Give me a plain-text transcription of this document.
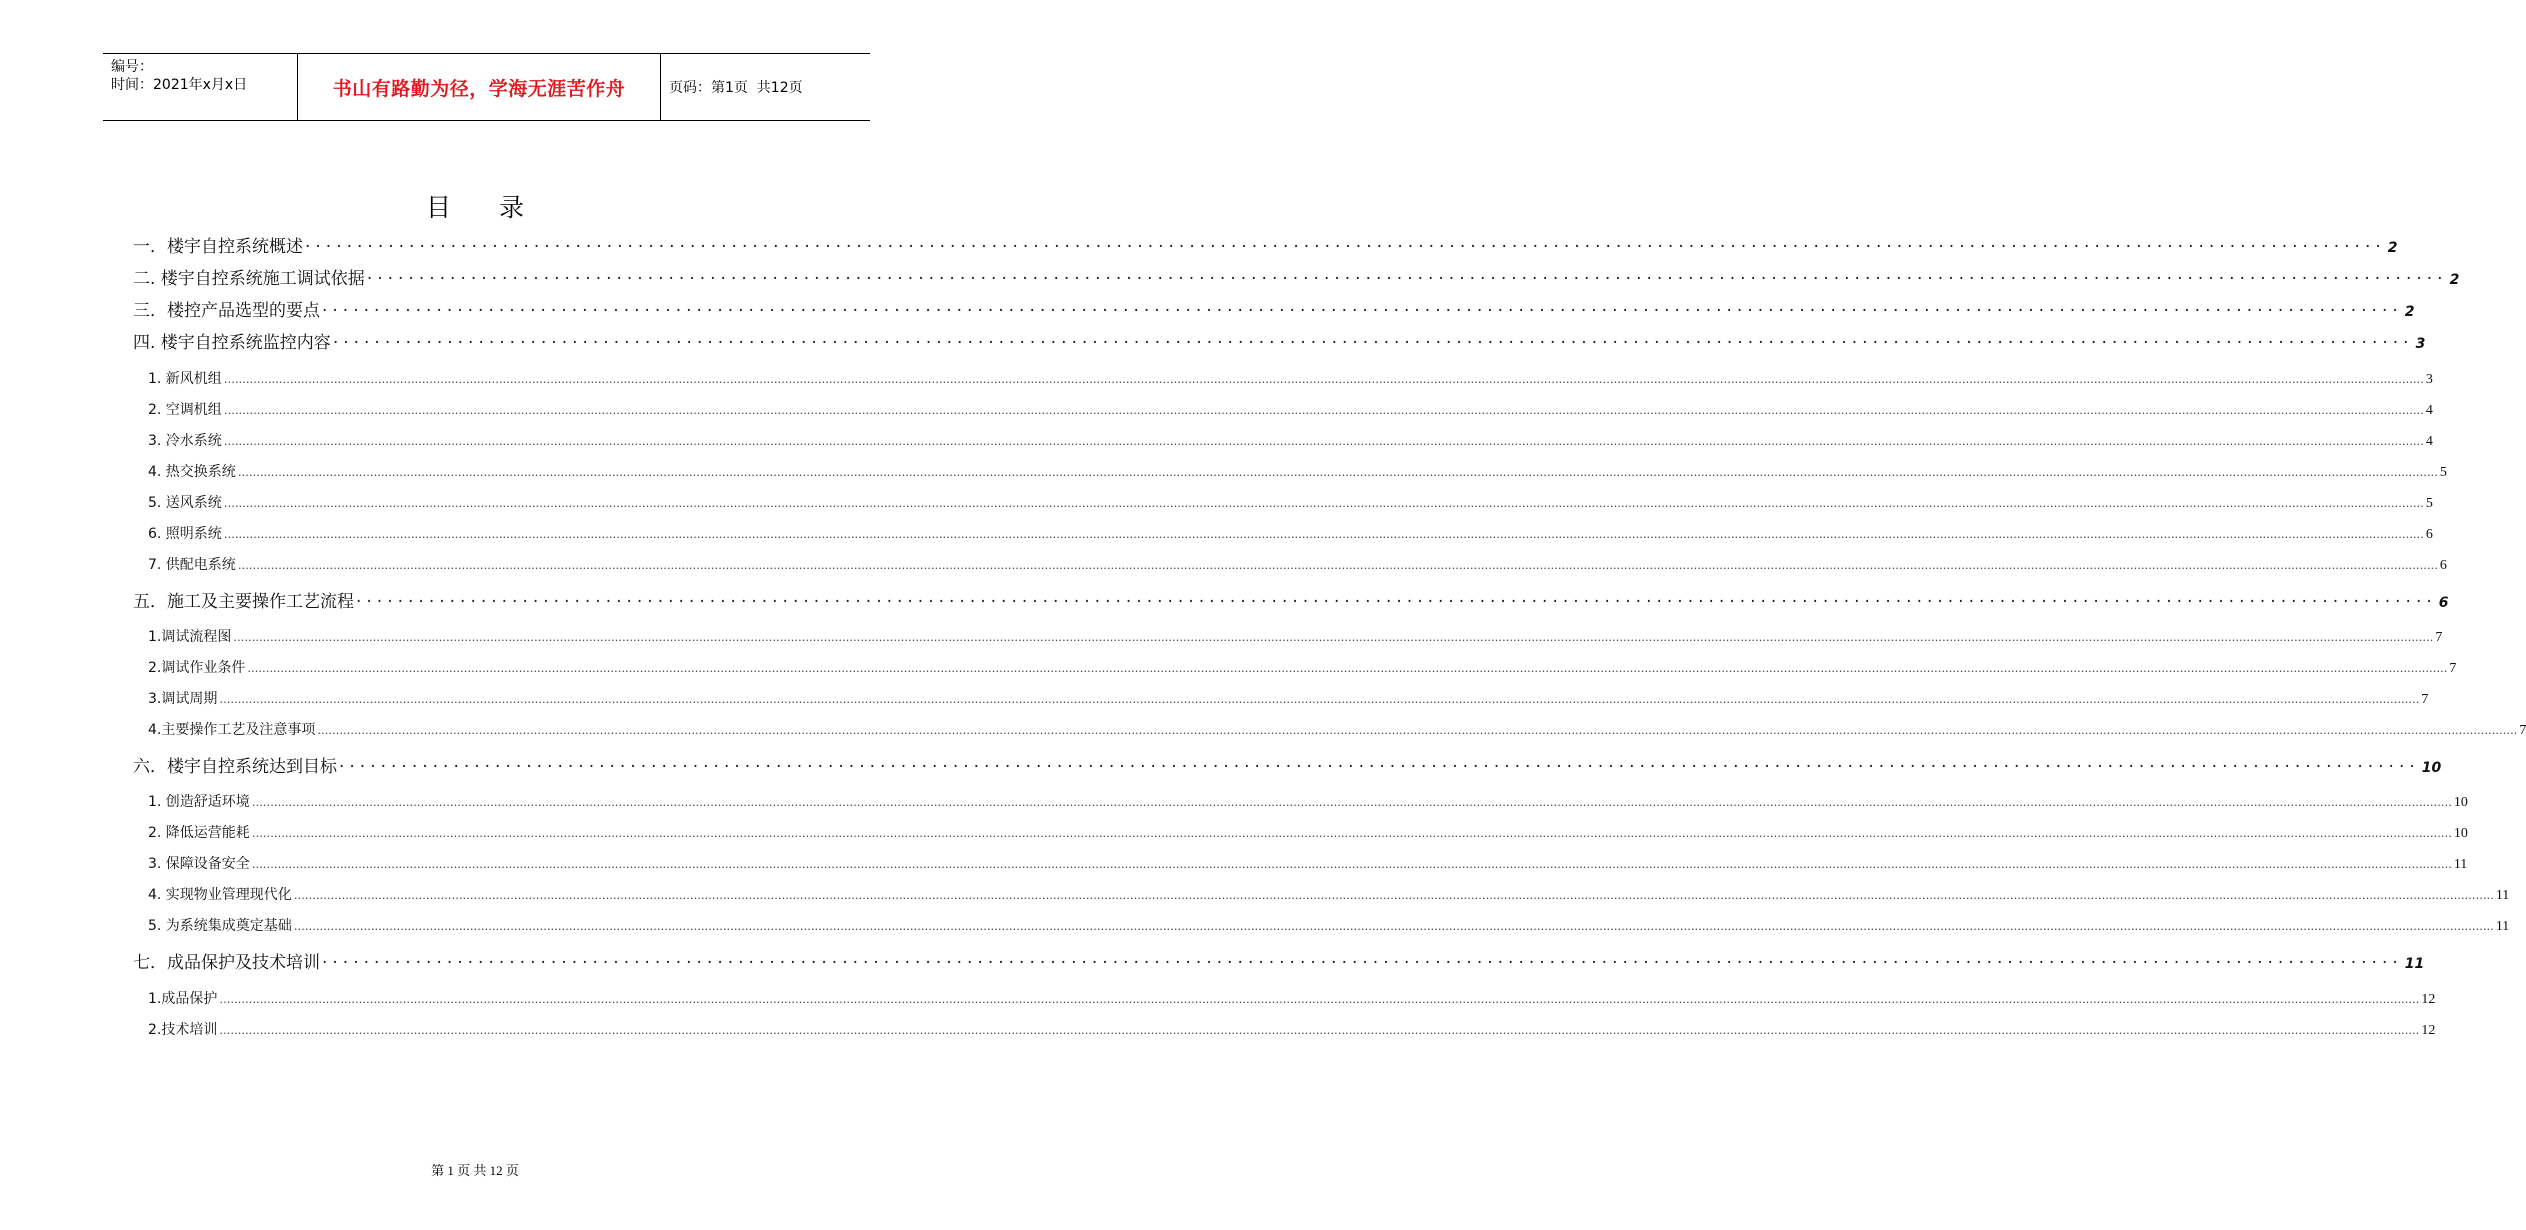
编号：
时间：2021年x月x日	书山有路勤为径，学海无涯苦作舟	页码：第1页  共12页
目 录
一．楼宇自控系统概述 ········································································································································································································ 2
二. 楼宇自控系统施工调试依据 ········································································································································································································ 2
三．楼控产品选型的要点 ········································································································································································································ 2
四. 楼宇自控系统监控内容 ········································································································································································································ 3
1. 新风机组 …………………………………………………………………………………………………………………………………………………………………………………………………………………………………………………………………………………………………………………………………………………………………………………………………………………………………………………………………………………………………………………………………………………… 3
2. 空调机组 …………………………………………………………………………………………………………………………………………………………………………………………………………………………………………………………………………………………………………………………………………………………………………………………………………………………………………………………………………………………………………………………………………………… 4
3. 冷水系统 …………………………………………………………………………………………………………………………………………………………………………………………………………………………………………………………………………………………………………………………………………………………………………………………………………………………………………………………………………………………………………………………………………………… 4
4. 热交换系统 …………………………………………………………………………………………………………………………………………………………………………………………………………………………………………………………………………………………………………………………………………………………………………………………………………………………………………………………………………………………………………………………………………………… 5
5. 送风系统 …………………………………………………………………………………………………………………………………………………………………………………………………………………………………………………………………………………………………………………………………………………………………………………………………………………………………………………………………………………………………………………………………………………… 5
6. 照明系统 …………………………………………………………………………………………………………………………………………………………………………………………………………………………………………………………………………………………………………………………………………………………………………………………………………………………………………………………………………………………………………………………………………………… 6
7. 供配电系统 …………………………………………………………………………………………………………………………………………………………………………………………………………………………………………………………………………………………………………………………………………………………………………………………………………………………………………………………………………………………………………………………………………………… 6
五．施工及主要操作工艺流程 ········································································································································································································ 6
1.调试流程图 …………………………………………………………………………………………………………………………………………………………………………………………………………………………………………………………………………………………………………………………………………………………………………………………………………………………………………………………………………………………………………………………………………………… 7
2.调试作业条件 …………………………………………………………………………………………………………………………………………………………………………………………………………………………………………………………………………………………………………………………………………………………………………………………………………………………………………………………………………………………………………………………………………………… 7
3.调试周期 …………………………………………………………………………………………………………………………………………………………………………………………………………………………………………………………………………………………………………………………………………………………………………………………………………………………………………………………………………………………………………………………………………………… 7
4.主要操作工艺及注意事项 …………………………………………………………………………………………………………………………………………………………………………………………………………………………………………………………………………………………………………………………………………………………………………………………………………………………………………………………………………………………………………………………………………………… 7
六．楼宇自控系统达到目标 ········································································································································································································ 10
1. 创造舒适环境 …………………………………………………………………………………………………………………………………………………………………………………………………………………………………………………………………………………………………………………………………………………………………………………………………………………………………………………………………………………………………………………………………………………… 10
2. 降低运营能耗 …………………………………………………………………………………………………………………………………………………………………………………………………………………………………………………………………………………………………………………………………………………………………………………………………………………………………………………………………………………………………………………………………………………… 10
3. 保障设备安全 …………………………………………………………………………………………………………………………………………………………………………………………………………………………………………………………………………………………………………………………………………………………………………………………………………………………………………………………………………………………………………………………………………………… 11
4. 实现物业管理现代化 …………………………………………………………………………………………………………………………………………………………………………………………………………………………………………………………………………………………………………………………………………………………………………………………………………………………………………………………………………………………………………………………………………………… 11
5. 为系统集成奠定基础 …………………………………………………………………………………………………………………………………………………………………………………………………………………………………………………………………………………………………………………………………………………………………………………………………………………………………………………………………………………………………………………………………………………… 11
七．成品保护及技术培训 ········································································································································································································ 11
1.成品保护 …………………………………………………………………………………………………………………………………………………………………………………………………………………………………………………………………………………………………………………………………………………………………………………………………………………………………………………………………………………………………………………………………………………… 12
2.技术培训 …………………………………………………………………………………………………………………………………………………………………………………………………………………………………………………………………………………………………………………………………………………………………………………………………………………………………………………………………………………………………………………………………………………… 12
第 1 页 共 12 页
